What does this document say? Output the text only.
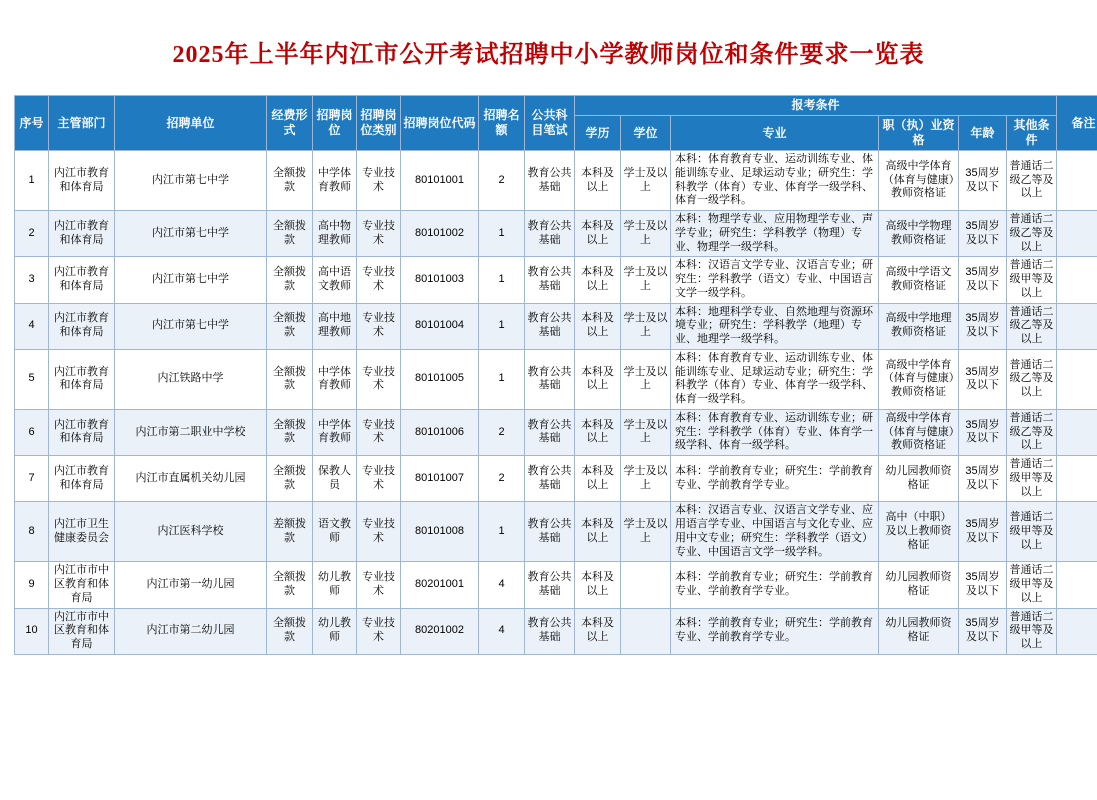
2025年上半年内江市公开考试招聘中小学教师岗位和条件要求一览表
序号	主管部门	招聘单位	经费形式	招聘岗位	招聘岗位类别	招聘岗位代码	招聘名额	公共科目笔试	报考条件						备注
									学历	学位	专业	职（执）业资格	年龄	其他条件	
1	内江市教育和体育局	内江市第七中学	全额拨款	中学体育教师	专业技术	80101001	2	教育公共基础	本科及以上	学士及以上	本科：体育教育专业、运动训练专业、体能训练专业、足球运动专业；研究生：学科教学（体育）专业、体育学一级学科、体育一级学科。	高级中学体育（体育与健康）教师资格证	35周岁及以下	普通话二级乙等及以上	
2	内江市教育和体育局	内江市第七中学	全额拨款	高中物理教师	专业技术	80101002	1	教育公共基础	本科及以上	学士及以上	本科：物理学专业、应用物理学专业、声学专业；研究生：学科教学（物理）专业、物理学一级学科。	高级中学物理教师资格证	35周岁及以下	普通话二级乙等及以上	
3	内江市教育和体育局	内江市第七中学	全额拨款	高中语文教师	专业技术	80101003	1	教育公共基础	本科及以上	学士及以上	本科：汉语言文学专业、汉语言专业；研究生：学科教学（语文）专业、中国语言文学一级学科。	高级中学语文教师资格证	35周岁及以下	普通话二级甲等及以上	
4	内江市教育和体育局	内江市第七中学	全额拨款	高中地理教师	专业技术	80101004	1	教育公共基础	本科及以上	学士及以上	本科：地理科学专业、自然地理与资源环境专业；研究生：学科教学（地理）专业、地理学一级学科。	高级中学地理教师资格证	35周岁及以下	普通话二级乙等及以上	
5	内江市教育和体育局	内江铁路中学	全额拨款	中学体育教师	专业技术	80101005	1	教育公共基础	本科及以上	学士及以上	本科：体育教育专业、运动训练专业、体能训练专业、足球运动专业；研究生：学科教学（体育）专业、体育学一级学科、体育一级学科。	高级中学体育（体育与健康）教师资格证	35周岁及以下	普通话二级乙等及以上	
6	内江市教育和体育局	内江市第二职业中学校	全额拨款	中学体育教师	专业技术	80101006	2	教育公共基础	本科及以上	学士及以上	本科：体育教育专业、运动训练专业；研究生：学科教学（体育）专业、体育学一级学科、体育一级学科。	高级中学体育（体育与健康）教师资格证	35周岁及以下	普通话二级乙等及以上	
7	内江市教育和体育局	内江市直属机关幼儿园	全额拨款	保教人员	专业技术	80101007	2	教育公共基础	本科及以上	学士及以上	本科：学前教育专业；研究生：学前教育专业、学前教育学专业。	幼儿园教师资格证	35周岁及以下	普通话二级甲等及以上	
8	内江市卫生健康委员会	内江医科学校	差额拨款	语文教师	专业技术	80101008	1	教育公共基础	本科及以上	学士及以上	本科：汉语言专业、汉语言文学专业、应用语言学专业、中国语言与文化专业、应用中文专业；研究生：学科教学（语文）专业、中国语言文学一级学科。	高中（中职）及以上教师资格证	35周岁及以下	普通话二级甲等及以上	
9	内江市市中区教育和体育局	内江市第一幼儿园	全额拨款	幼儿教师	专业技术	80201001	4	教育公共基础	本科及以上		本科：学前教育专业；研究生：学前教育专业、学前教育学专业。	幼儿园教师资格证	35周岁及以下	普通话二级甲等及以上	
10	内江市市中区教育和体育局	内江市第二幼儿园	全额拨款	幼儿教师	专业技术	80201002	4	教育公共基础	本科及以上		本科：学前教育专业；研究生：学前教育专业、学前教育学专业。	幼儿园教师资格证	35周岁及以下	普通话二级甲等及以上	
